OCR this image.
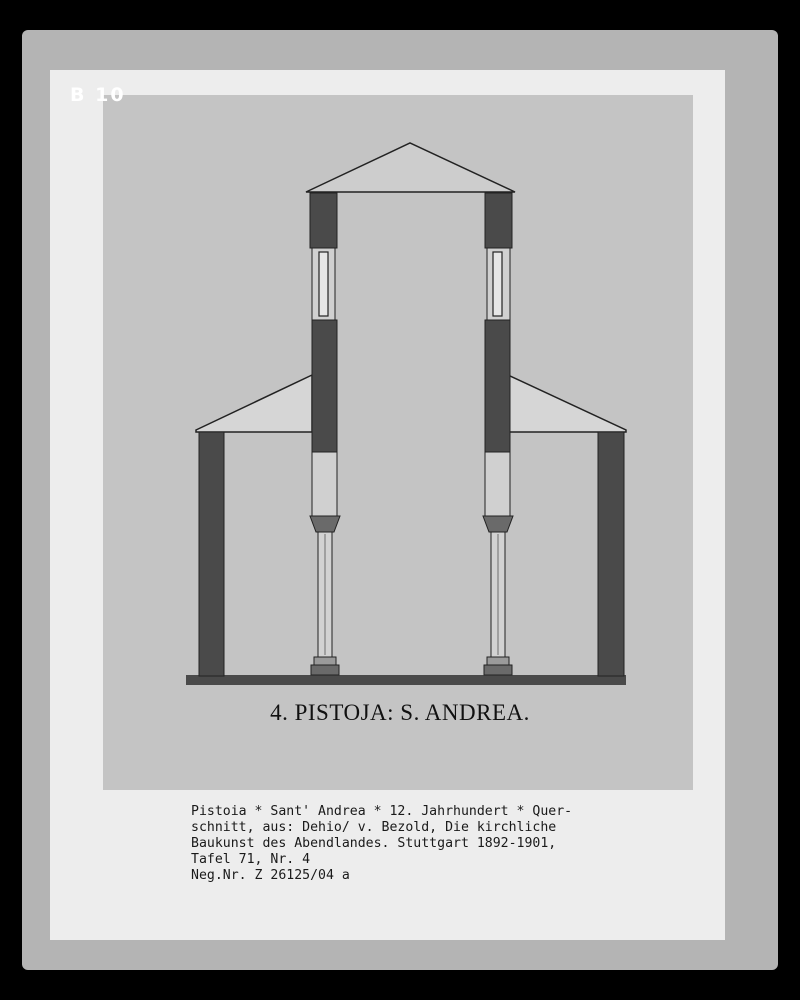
B 10
4. PISTOJA: S. ANDREA.
Pistoia * Sant' Andrea * 12. Jahrhundert * Quer-
schnitt, aus: Dehio/ v. Bezold, Die kirchliche
Baukunst des Abendlandes. Stuttgart 1892-1901,
Tafel 71, Nr. 4
Neg.Nr. Z 26125/04 a
